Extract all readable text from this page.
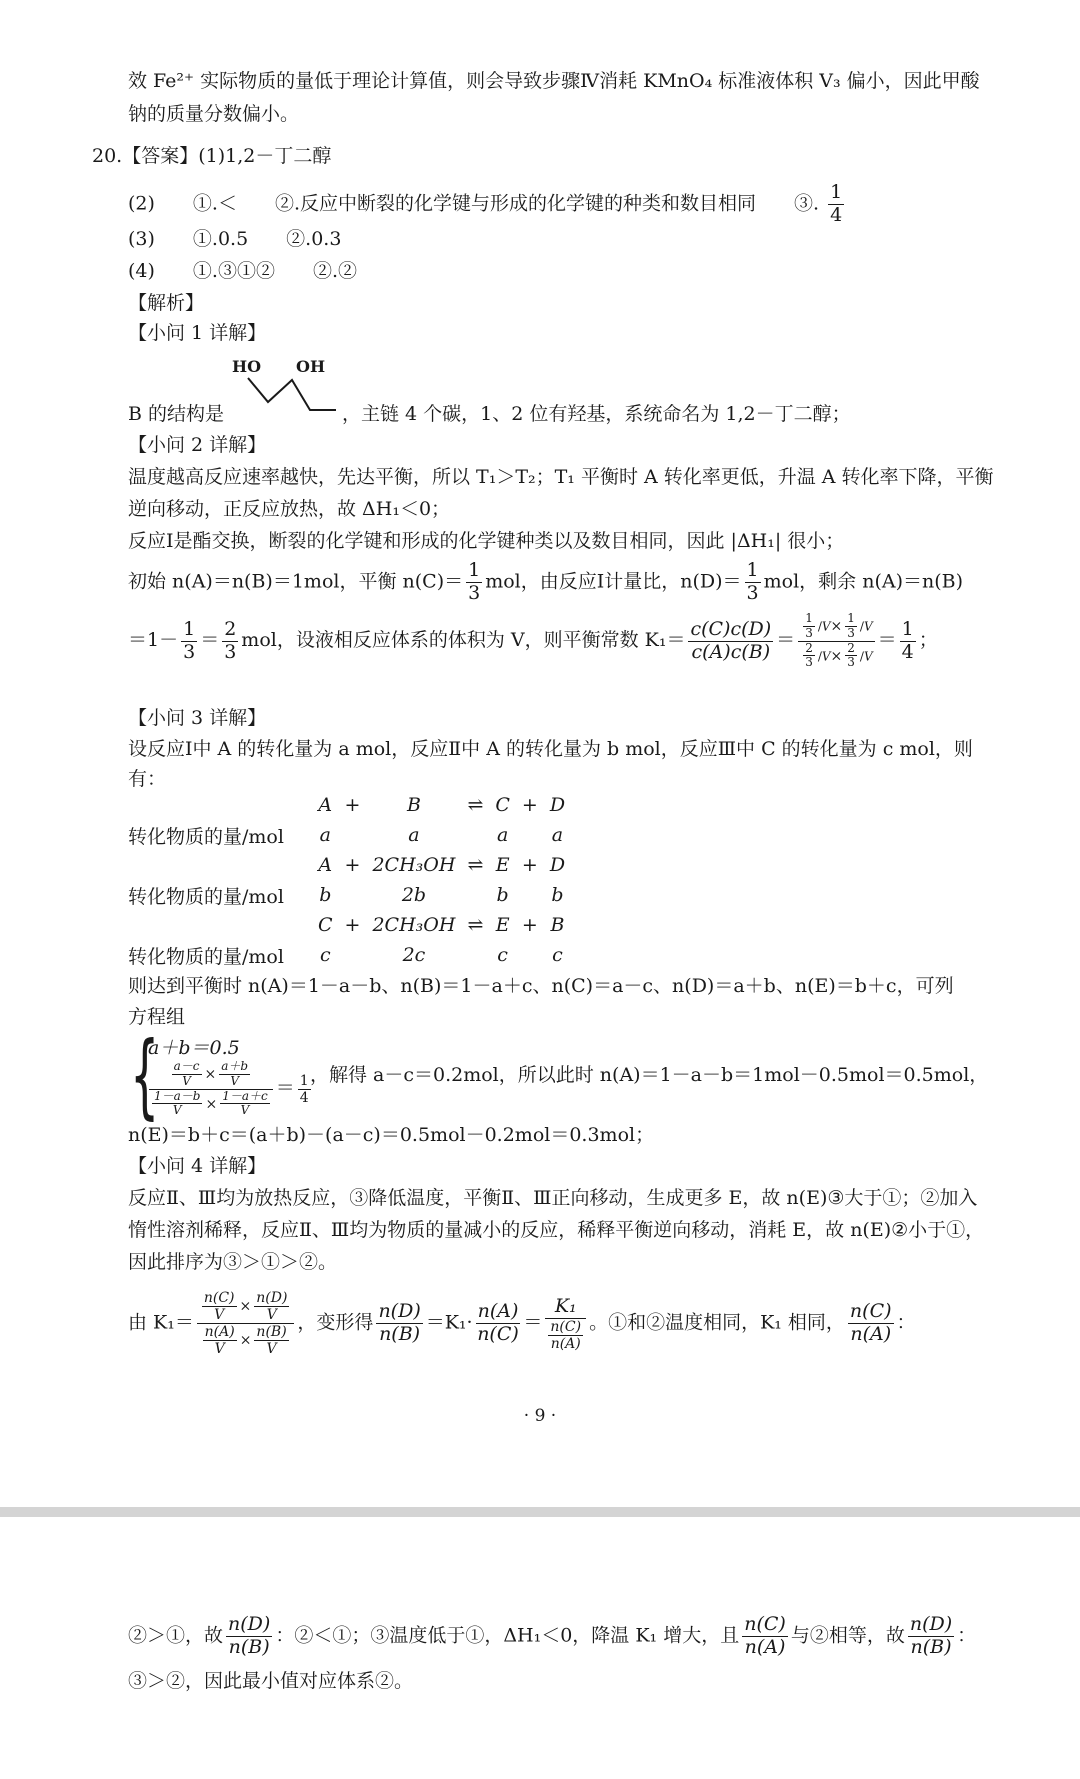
效 Fe²⁺ 实际物质的量低于理论计算值，则会导致步骤Ⅳ消耗 KMnO₄ 标准液体积 V₃ 偏小，因此甲酸
钠的质量分数偏小。
20.【答案】(1)1,2－丁二醇
(2)　　①.＜　　②.反应中断裂的化学键与形成的化学键的种类和数目相同　　③. $\frac{1}{4}$
(3)　　①.0.5　　②.0.3
(4)　　①.③①②　　②.②
【解析】
【小问 1 详解】
HO OH
B 的结构是	，主链 4 个碳，1、2 位有羟基，系统命名为 1,2－丁二醇；
【小问 2 详解】
温度越高反应速率越快，先达平衡，所以 T₁＞T₂；T₁ 平衡时 A 转化率更低，升温 A 转化率下降，平衡
逆向移动，正反应放热，故 ΔH₁＜0；
反应Ⅰ是酯交换，断裂的化学键和形成的化学键种类以及数目相同，因此 |ΔH₁| 很小；
初始 n(A)＝n(B)＝1mol，平衡 $n(C)= \frac{1}{3}$ mol，由反应Ⅰ计量比，$n(D)= \frac{1}{3}$ mol，剩余 n(A)＝n(B)
$=1- \frac{1}{3} = \frac{2}{3}$ mol，设液相反应体系的体积为 V，则平衡常数 $K_1= \frac{c(C)c(D)}{c(A)c(B)} = \frac{\frac{1}{3} /V\times \frac{1}{3} /V}{\frac{2}{3} /V\times \frac{2}{3} /V} = \frac{1}{4}$ ；
【小问 3 详解】
设反应Ⅰ中 A 的转化量为 a mol，反应Ⅱ中 A 的转化量为 b mol，反应Ⅲ中 C 的转化量为 c mol，则
有：
	A	+	B	⇌	C	+	D
转化物质的量/mol	a		a		a		a
	A	+	2CH₃OH	⇌	E	+	D
转化物质的量/mol	b		2b		b		b
	C	+	2CH₃OH	⇌	E	+	B
转化物质的量/mol	c		2c		c		c
则达到平衡时 n(A)＝1－a－b、n(B)＝1－a＋c、n(C)＝a－c、n(D)＝a＋b、n(E)＝b＋c，可列
方程组
{
a＋b＝0.5
$\frac{\frac{a-c}{V} \times \frac{a+b}{V}}{\frac{1-a-b}{V} \times \frac{1-a+c}{V}} = \frac{1}{4}$ ，解得 a－c＝0.2mol，所以此时 n(A)＝1－a－b＝1mol－0.5mol＝0.5mol，
n(E)＝b＋c＝(a＋b)－(a－c)＝0.5mol－0.2mol＝0.3mol；
【小问 4 详解】
反应Ⅱ、Ⅲ均为放热反应，③降低温度，平衡Ⅱ、Ⅲ正向移动，生成更多 E，故 n(E)③大于①；②加入
惰性溶剂稀释，反应Ⅱ、Ⅲ均为物质的量减小的反应，稀释平衡逆向移动，消耗 E，故 n(E)②小于①，
因此排序为③＞①＞②。
由 $K_1= \frac{\frac{n(C)}{V} \times \frac{n(D)}{V}}{\frac{n(A)}{V} \times \frac{n(B)}{V}}$ ，变形得 $\frac{n(D)}{n(B)} =K_1\cdot \frac{n(A)}{n(C)} = K_1$
n(C)
n(A) 。①和②温度相同，K₁ 相同， $\frac{n(C)}{n(A)}$ ：
· 9 ·
②＞①，故 $\frac{n(D)}{n(B)}$ ：②＜①；③温度低于①，ΔH₁＜0，降温 K₁ 增大，且 $\frac{n(C)}{n(A)}$ 与②相等，故 $\frac{n(D)}{n(B)}$ ：
③＞②，因此最小值对应体系②。
